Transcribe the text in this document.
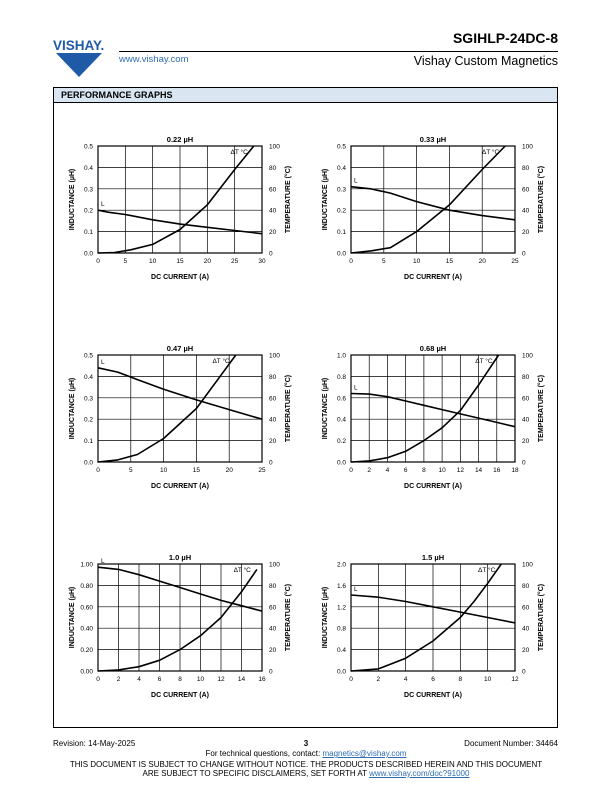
VISHAY.
www.vishay.com
SGIHLP-24DC-8
Vishay Custom Magnetics
PERFORMANCE GRAPHS
0	5	10	15	20	25	30
0.0
0.1
0.2
0.3
0.4
0.5
0
20
40
60
80
100
0.22 µH
DC CURRENT (A)
INDUCTANCE (µH)	TEMPERATURE (°C)
L
ΔT °C
0	5	10	15	20	25
0.0
0.1
0.2
0.3
0.4
0.5
0
20
40
60
80
100
0.33 µH
DC CURRENT (A)
INDUCTANCE (µH)	TEMPERATURE (°C)
L
ΔT °C
0	5	10	15	20	25
0.0
0.1
0.2
0.3
0.4
0.5
0
20
40
60
80
100
0.47 µH
DC CURRENT (A)
INDUCTANCE (µH)	TEMPERATURE (°C)
L	ΔT °C
0 2 4 6 8 10 12 14 16 18
0.0
0.2
0.4
0.6
0.8
1.0
0
20
40
60
80
100
0.68 µH
DC CURRENT (A)
INDUCTANCE (µH)	TEMPERATURE (°C)
L
ΔT °C
0	2	4	6	8 10 12 14 16
0.00
0.20
0.40
0.60
0.80
1.00
0
20
40
60
80
100
1.0 µH
DC CURRENT (A)
INDUCTANCE (µH)	TEMPERATURE (°C)
L
ΔT °C
0	2	4	6	8	10	12
0.0
0.4
0.8
1.2
1.6
2.0
0
20
40
60
80
100
1.5 µH
DC CURRENT (A)
INDUCTANCE (µH)	TEMPERATURE (°C)
L
ΔT °C
Revision: 14-May-2025	3	Document Number: 34464
For technical questions, contact: magnetics@vishay.com
THIS DOCUMENT IS SUBJECT TO CHANGE WITHOUT NOTICE. THE PRODUCTS DESCRIBED HEREIN AND THIS DOCUMENT
ARE SUBJECT TO SPECIFIC DISCLAIMERS, SET FORTH AT www.vishay.com/doc?91000
